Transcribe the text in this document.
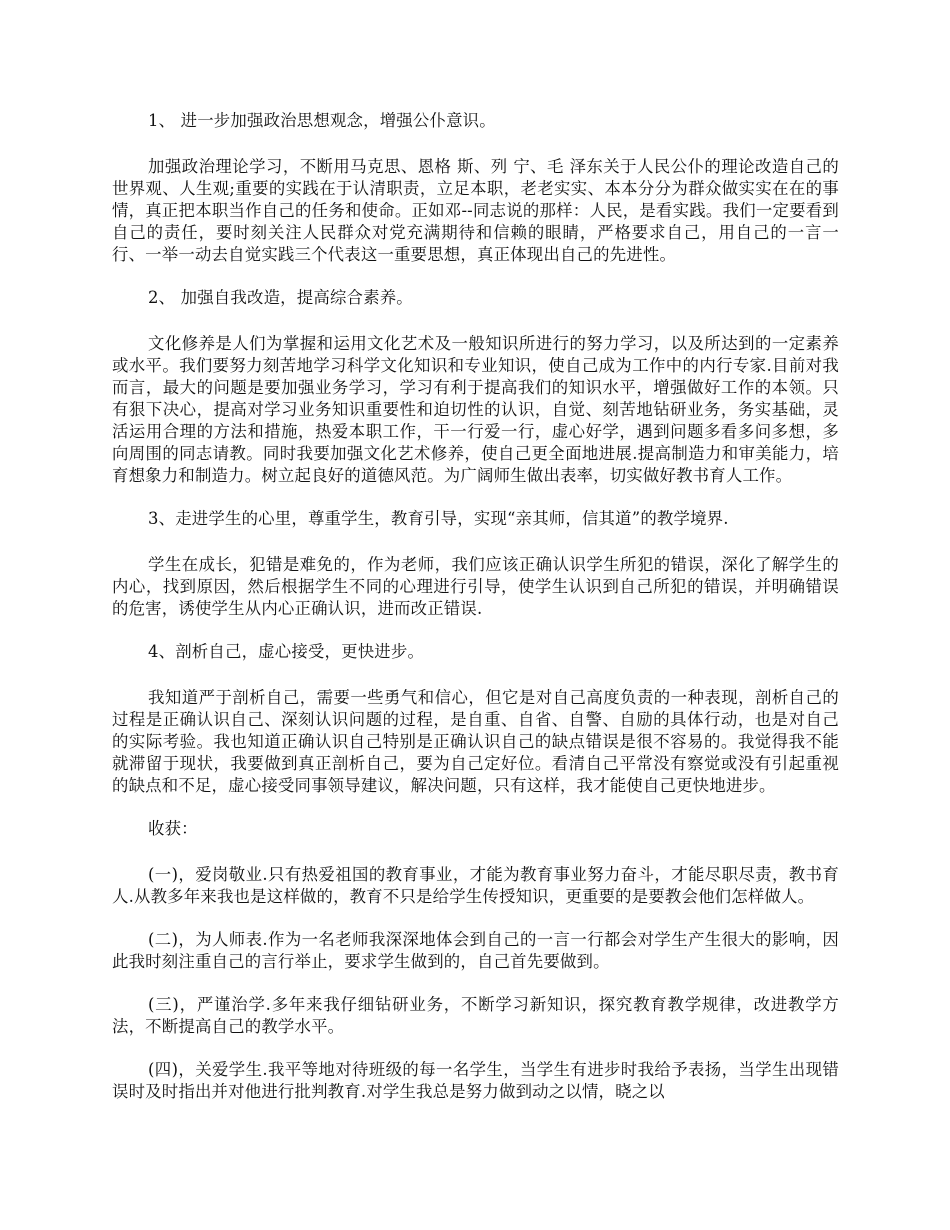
1、 进一步加强政治思想观念，增强公仆意识。

加强政治理论学习，不断用马克思、恩格 斯、列 宁、毛 泽东关于人民公仆的理论改造自己的世界观、人生观;重要的实践在于认清职责，立足本职，老老实实、本本分分为群众做实实在在的事情，真正把本职当作自己的任务和使命。正如邓--同志说的那样：人民，是看实践。我们一定要看到自己的责任，要时刻关注人民群众对党充满期待和信赖的眼睛，严格要求自己，用自己的一言一行、一举一动去自觉实践三个代表这一重要思想，真正体现出自己的先进性。

2、 加强自我改造，提高综合素养。

文化修养是人们为掌握和运用文化艺术及一般知识所进行的努力学习，以及所达到的一定素养或水平。我们要努力刻苦地学习科学文化知识和专业知识，使自己成为工作中的内行专家.目前对我而言，最大的问题是要加强业务学习，学习有利于提高我们的知识水平，增强做好工作的本领。只有狠下决心，提高对学习业务知识重要性和迫切性的认识，自觉、刻苦地钻研业务，务实基础，灵活运用合理的方法和措施，热爱本职工作，干一行爱一行，虚心好学，遇到问题多看多问多想，多向周围的同志请教。同时我要加强文化艺术修养，使自己更全面地进展.提高制造力和审美能力，培育想象力和制造力。树立起良好的道德风范。为广阔师生做出表率，切实做好教书育人工作。

3、走进学生的心里，尊重学生，教育引导，实现“亲其师，信其道”的教学境界.

学生在成长，犯错是难免的，作为老师，我们应该正确认识学生所犯的错误，深化了解学生的内心，找到原因，然后根据学生不同的心理进行引导，使学生认识到自己所犯的错误，并明确错误的危害，诱使学生从内心正确认识，进而改正错误.

4、剖析自己，虚心接受，更快进步。

我知道严于剖析自己，需要一些勇气和信心，但它是对自己高度负责的一种表现，剖析自己的过程是正确认识自己、深刻认识问题的过程，是自重、自省、自警、自励的具体行动，也是对自己的实际考验。我也知道正确认识自己特别是正确认识自己的缺点错误是很不容易的。我觉得我不能就滞留于现状，我要做到真正剖析自己，要为自己定好位。看清自己平常没有察觉或没有引起重视的缺点和不足，虚心接受同事领导建议，解决问题，只有这样，我才能使自己更快地进步。

收获：

(一)，爱岗敬业.只有热爱祖国的教育事业，才能为教育事业努力奋斗，才能尽职尽责，教书育人.从教多年来我也是这样做的，教育不只是给学生传授知识，更重要的是要教会他们怎样做人。

(二)，为人师表.作为一名老师我深深地体会到自己的一言一行都会对学生产生很大的影响，因此我时刻注重自己的言行举止，要求学生做到的，自己首先要做到。

(三)，严谨治学.多年来我仔细钻研业务，不断学习新知识，探究教育教学规律，改进教学方法，不断提高自己的教学水平。

(四)，关爱学生.我平等地对待班级的每一名学生，当学生有进步时我给予表扬，当学生出现错误时及时指出并对他进行批判教育.对学生我总是努力做到动之以情，晓之以
